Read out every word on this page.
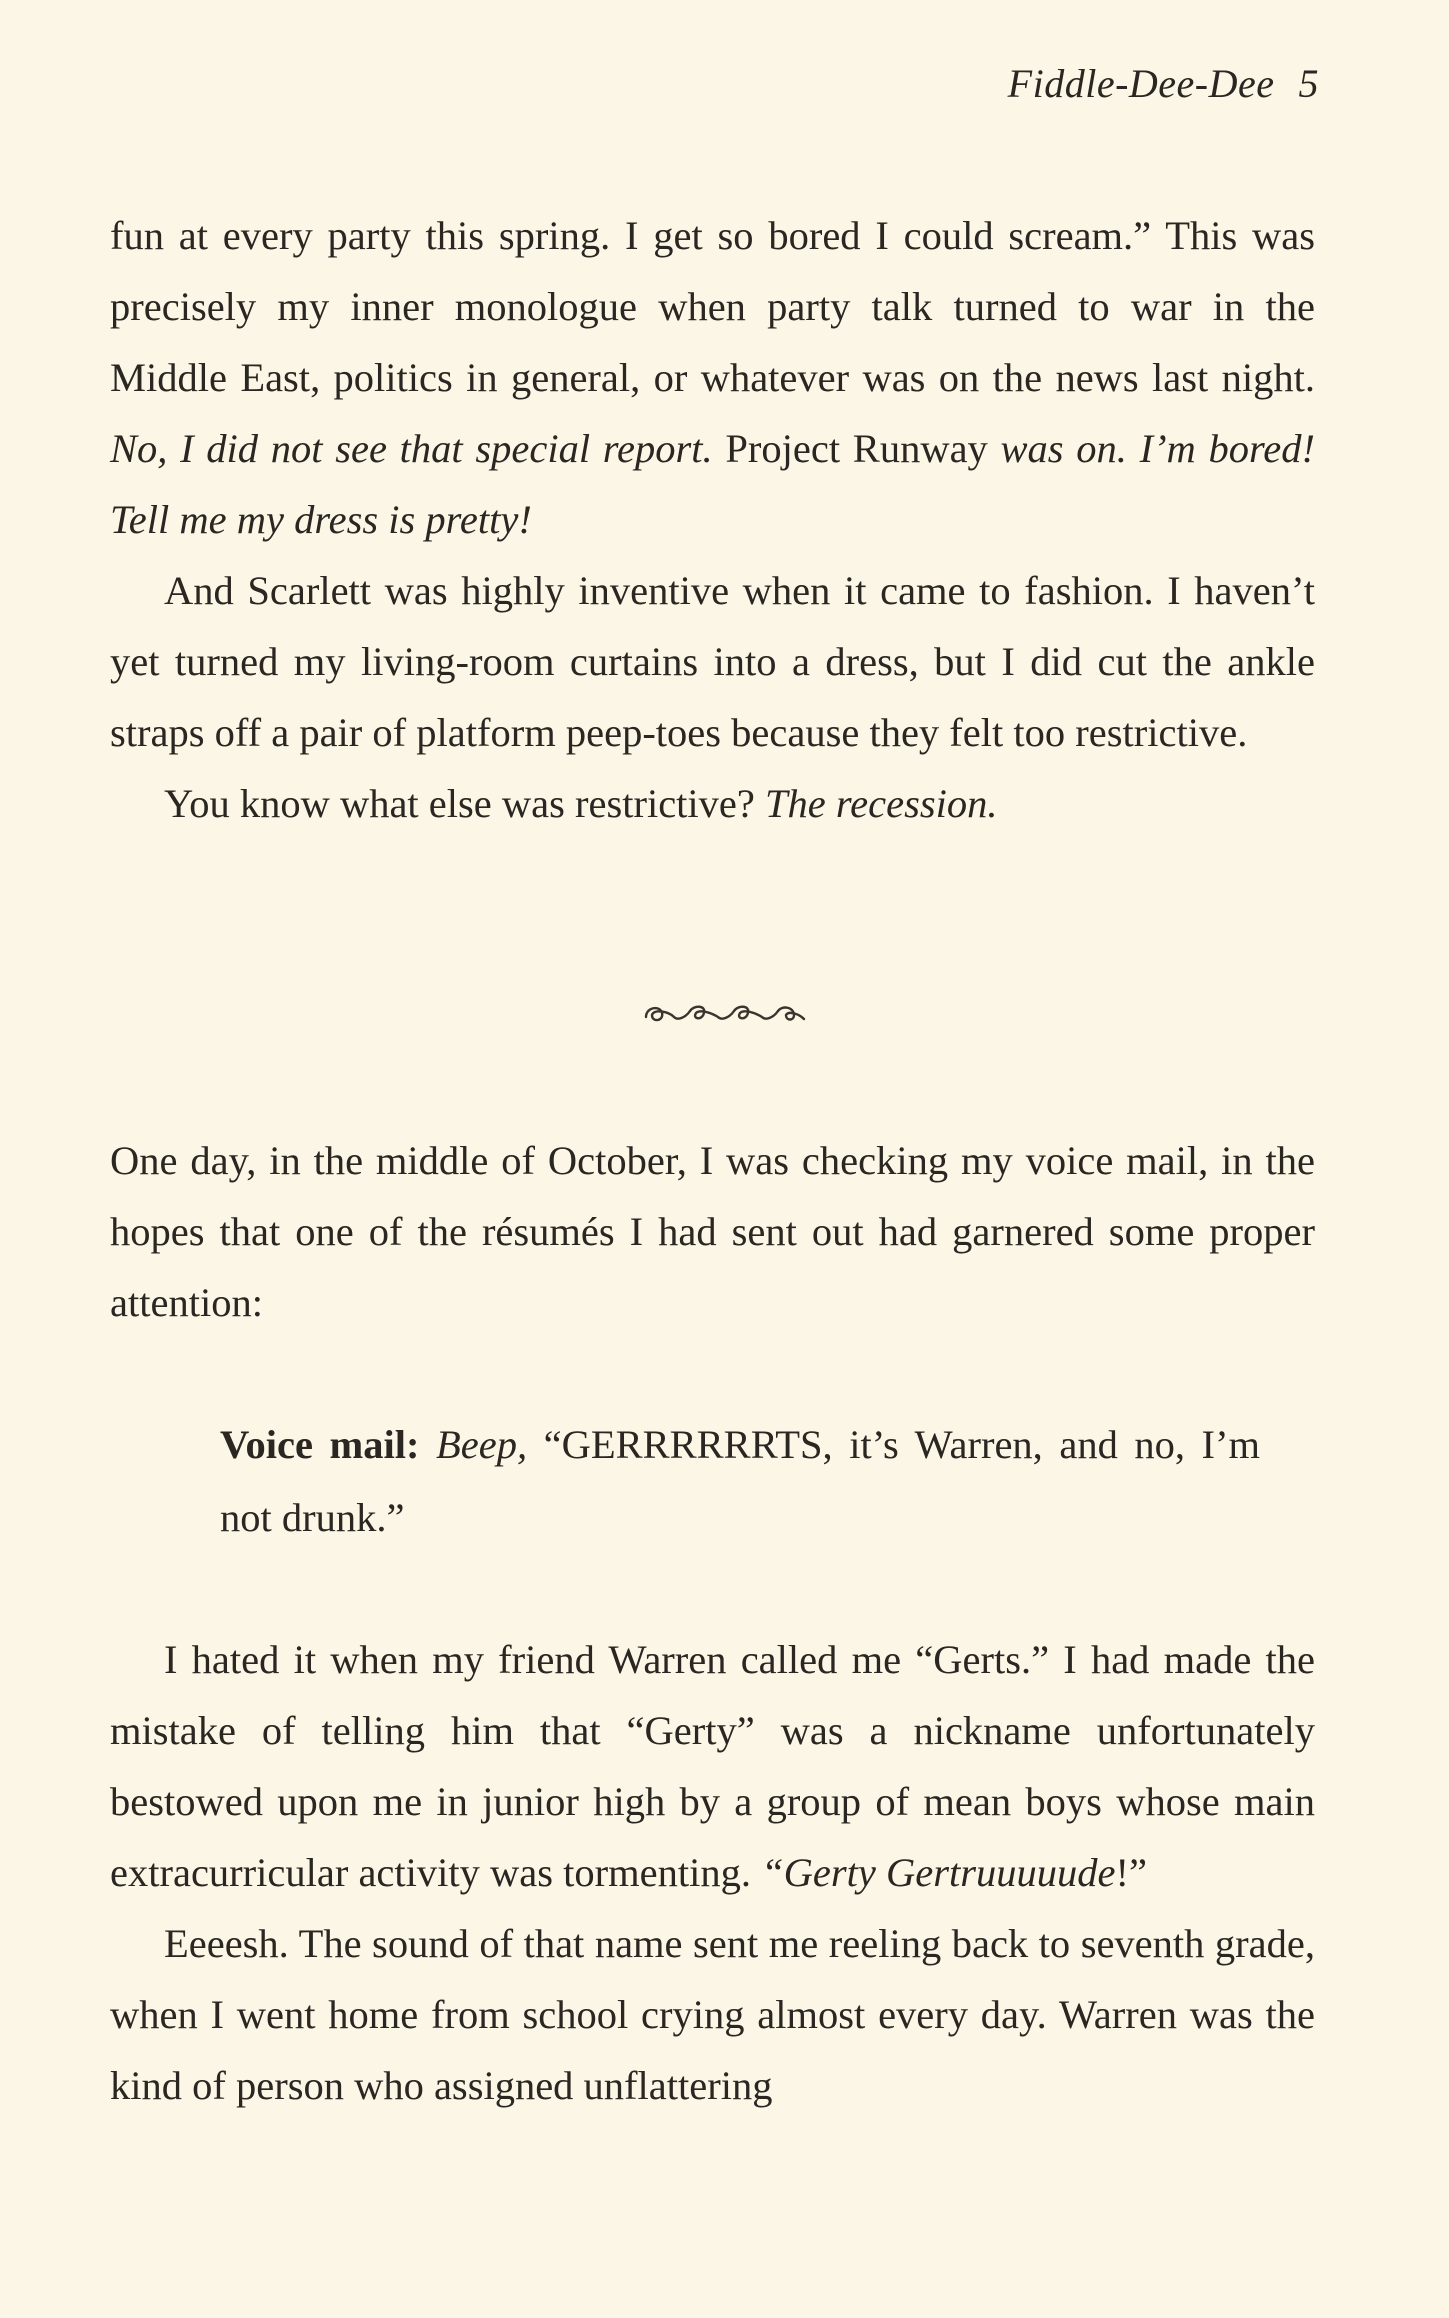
Fiddle-Dee-Dee 5

fun at every party this spring. I get so bored I could scream.” This was precisely my inner monologue when party talk turned to war in the Middle East, politics in general, or whatever was on the news last night. No, I did not see that special report. Project Runway was on. I’m bored! Tell me my dress is pretty!

And Scarlett was highly inventive when it came to fashion. I haven’t yet turned my living-room curtains into a dress, but I did cut the ankle straps off a pair of platform peep-toes because they felt too restrictive.

You know what else was restrictive? The recession.

One day, in the middle of October, I was checking my voice mail, in the hopes that one of the résumés I had sent out had garnered some proper attention:

Voice mail: Beep, “GERRRRRRTS, it’s Warren, and no, I’m not drunk.”

I hated it when my friend Warren called me “Gerts.” I had made the mistake of telling him that “Gerty” was a nickname unfortunately bestowed upon me in junior high by a group of mean boys whose main extracurricular activity was tormenting. “Gerty Gertruuuuude!”

Eeeesh. The sound of that name sent me reeling back to seventh grade, when I went home from school crying almost every day. Warren was the kind of person who assigned unflattering
